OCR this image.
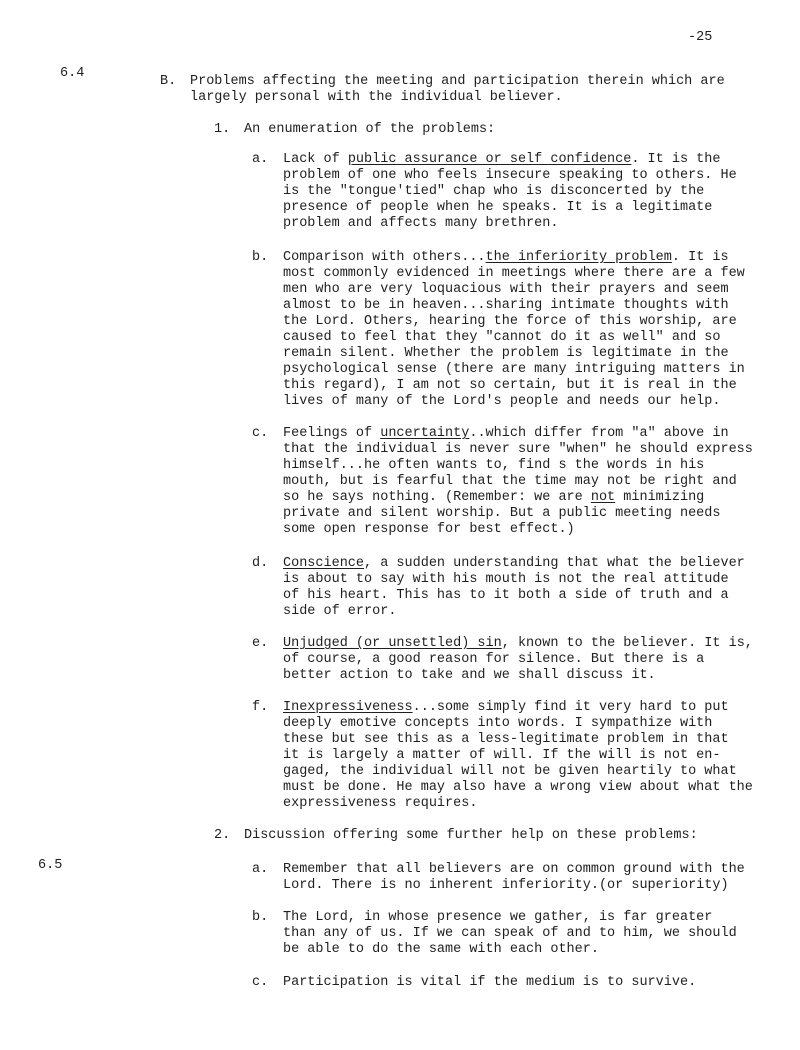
-25
6.4
6.5
B. Problems affecting the meeting and participation therein which are
largely personal with the individual believer.
1. An enumeration of the problems:
a. Lack of public assurance or self confidence. It is the
problem of one who feels insecure speaking to others. He
is the "tongue'tied" chap who is disconcerted by the
presence of people when he speaks. It is a legitimate
problem and affects many brethren.
b. Comparison with others...the inferiority problem. It is
most commonly evidenced in meetings where there are a few
men who are very loquacious with their prayers and seem
almost to be in heaven...sharing intimate thoughts with
the Lord. Others, hearing the force of this worship, are
caused to feel that they "cannot do it as well" and so
remain silent. Whether the problem is legitimate in the
psychological sense (there are many intriguing matters in
this regard), I am not so certain, but it is real in the
lives of many of the Lord's people and needs our help.
c. Feelings of uncertainty..which differ from "a" above in
that the individual is never sure "when" he should express
himself...he often wants to, find s the words in his
mouth, but is fearful that the time may not be right and
so he says nothing. (Remember: we are not minimizing
private and silent worship. But a public meeting needs
some open response for best effect.)
d. Conscience, a sudden understanding that what the believer
is about to say with his mouth is not the real attitude
of his heart. This has to it both a side of truth and a
side of error.
e. Unjudged (or unsettled) sin, known to the believer. It is,
of course, a good reason for silence. But there is a
better action to take and we shall discuss it.
f. Inexpressiveness...some simply find it very hard to put
deeply emotive concepts into words. I sympathize with
these but see this as a less-legitimate problem in that
it is largely a matter of will. If the will is not en-
gaged, the individual will not be given heartily to what
must be done. He may also have a wrong view about what the
expressiveness requires.
2. Discussion offering some further help on these problems:
a. Remember that all believers are on common ground with the
Lord. There is no inherent inferiority.(or superiority)
b. The Lord, in whose presence we gather, is far greater
than any of us. If we can speak of and to him, we should
be able to do the same with each other.
c. Participation is vital if the medium is to survive.
